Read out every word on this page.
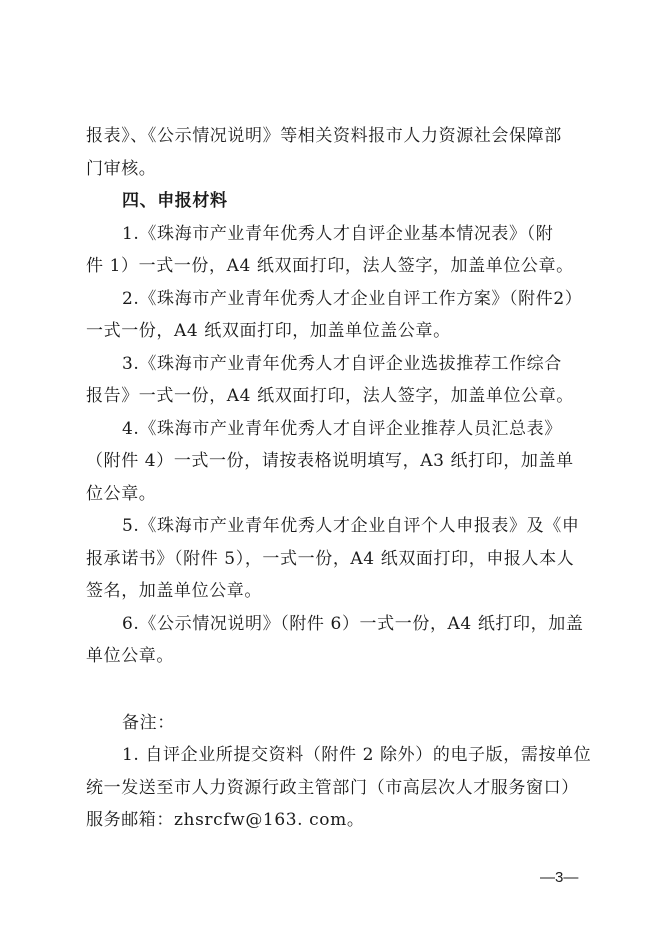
报表》、《公示情况说明》等相关资料报市人力资源社会保障部
门审核。

四、申报材料

1.《珠海市产业青年优秀人才自评企业基本情况表》（附
件 1）一式一份，A4 纸双面打印，法人签字，加盖单位公章。

2.《珠海市产业青年优秀人才企业自评工作方案》（附件2）
一式一份，A4 纸双面打印，加盖单位盖公章。

3.《珠海市产业青年优秀人才自评企业选拔推荐工作综合
报告》一式一份，A4 纸双面打印，法人签字，加盖单位公章。

4.《珠海市产业青年优秀人才自评企业推荐人员汇总表》
（附件 4）一式一份，请按表格说明填写，A3 纸打印，加盖单
位公章。

5.《珠海市产业青年优秀人才企业自评个人申报表》及《申
报承诺书》（附件 5），一式一份，A4 纸双面打印，申报人本人
签名，加盖单位公章。

6.《公示情况说明》（附件 6）一式一份，A4 纸打印，加盖
单位公章。

备注：

1. 自评企业所提交资料（附件 2 除外）的电子版，需按单位
统一发送至市人力资源行政主管部门（市高层次人才服务窗口）
服务邮箱：zhsrcfw@163. com。

—3—
